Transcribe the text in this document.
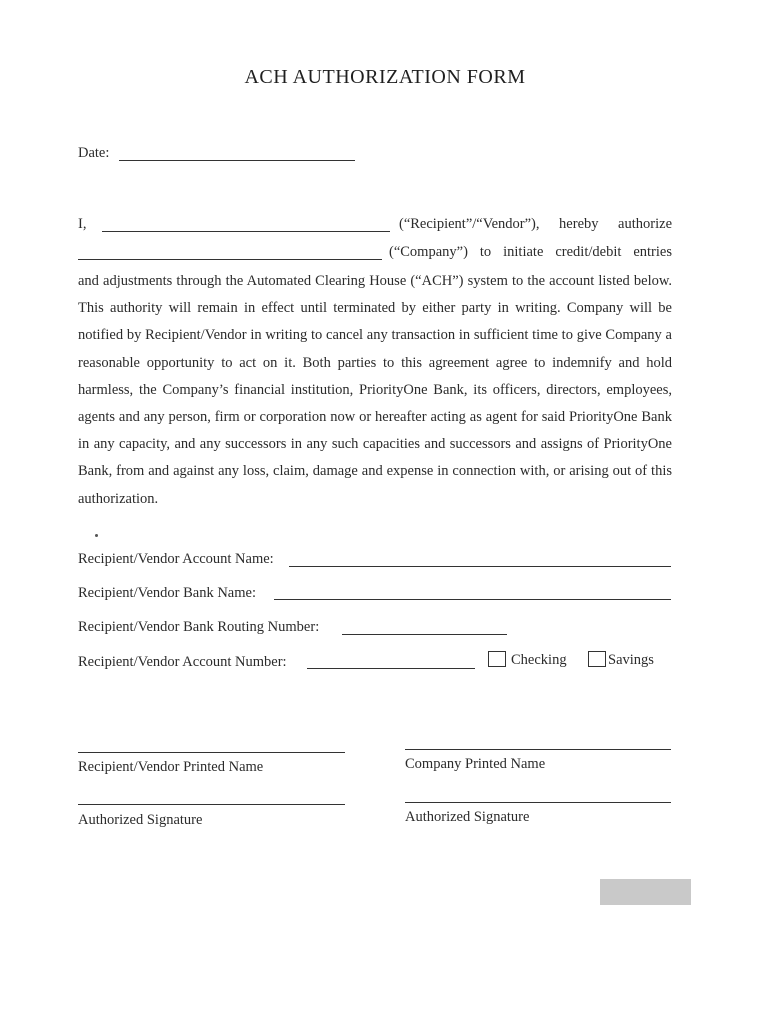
ACH AUTHORIZATION FORM
Date:
I,	(“Recipient”/“Vendor”), hereby authorize
(“Company”) to initiate credit/debit entries

and adjustments through the Automated Clearing House (“ACH”) system to the account listed below. This authority will remain in effect until terminated by either party in writing. Company will be notified by Recipient/Vendor in writing to cancel any transaction in sufficient time to give Company a reasonable opportunity to act on it. Both parties to this agreement agree to indemnify and hold harmless, the Company’s financial institution, PriorityOne Bank, its officers, directors, employees, agents and any person, firm or corporation now or hereafter acting as agent for said PriorityOne Bank in any capacity, and any successors in any such capacities and successors and assigns of PriorityOne Bank, from and against any loss, claim, damage and expense in connection with, or arising out of this authorization.

Recipient/Vendor Account Name:
Recipient/Vendor Bank Name:
Recipient/Vendor Bank Routing Number:
Recipient/Vendor Account Number:	Checking	Savings
Recipient/Vendor Printed Name	Company Printed Name
Authorized Signature	Authorized Signature
